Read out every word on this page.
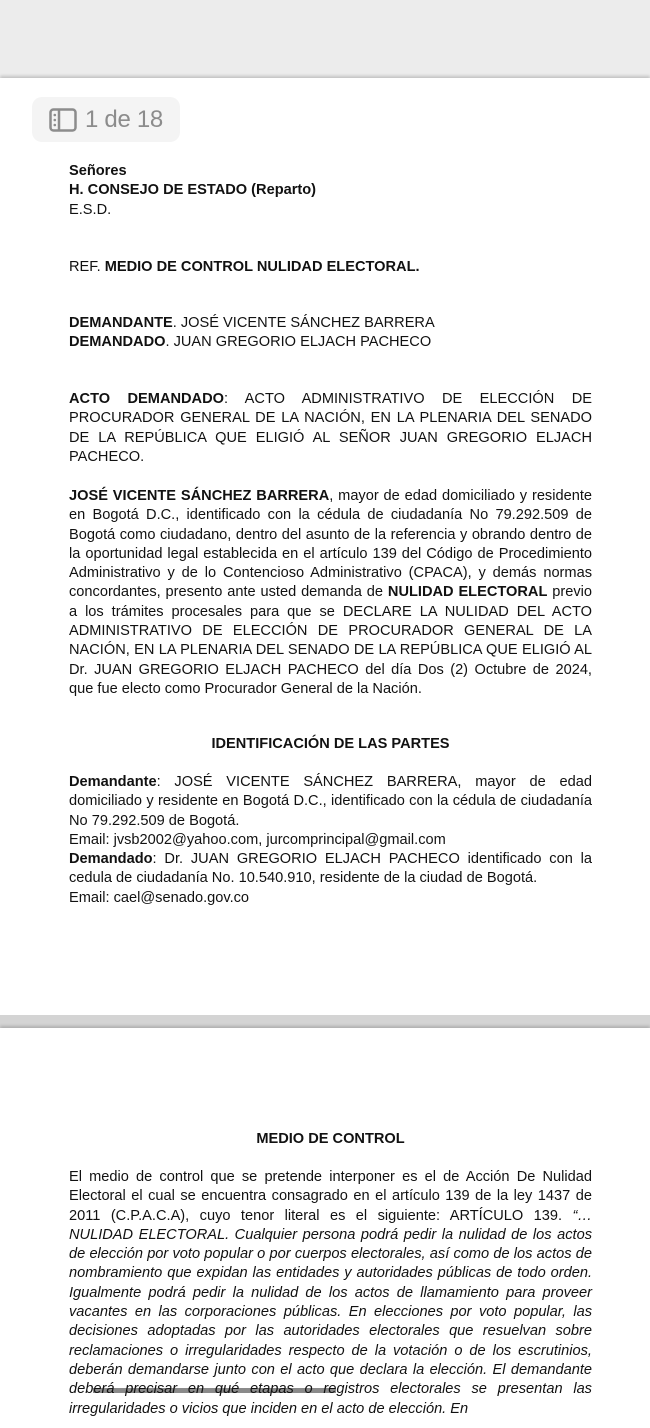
1 de 18
Señores
H. CONSEJO DE ESTADO (Reparto)
E.S.D.
REF. MEDIO DE CONTROL NULIDAD ELECTORAL.
DEMANDANTE. JOSÉ VICENTE SÁNCHEZ BARRERA
DEMANDADO. JUAN GREGORIO ELJACH PACHECO
ACTO DEMANDADO: ACTO ADMINISTRATIVO DE ELECCIÓN DE PROCURADOR GENERAL DE LA NACIÓN, EN LA PLENARIA DEL SENADO DE LA REPÚBLICA QUE ELIGIÓ AL SEÑOR JUAN GREGORIO ELJACH PACHECO.
JOSÉ VICENTE SÁNCHEZ BARRERA, mayor de edad domiciliado y residente en Bogotá D.C., identificado con la cédula de ciudadanía No 79.292.509 de Bogotá como ciudadano, dentro del asunto de la referencia y obrando dentro de la oportunidad legal establecida en el artículo 139 del Código de Procedimiento Administrativo y de lo Contencioso Administrativo (CPACA), y demás normas concordantes, presento ante usted demanda de NULIDAD ELECTORAL previo a los trámites procesales para que se DECLARE LA NULIDAD DEL ACTO ADMINISTRATIVO DE ELECCIÓN DE PROCURADOR GENERAL DE LA NACIÓN, EN LA PLENARIA DEL SENADO DE LA REPÚBLICA QUE ELIGIÓ AL Dr. JUAN GREGORIO ELJACH PACHECO del día Dos (2) Octubre de 2024, que fue electo como Procurador General de la Nación.
IDENTIFICACIÓN DE LAS PARTES
Demandante: JOSÉ VICENTE SÁNCHEZ BARRERA, mayor de edad domiciliado y residente en Bogotá D.C., identificado con la cédula de ciudadanía No 79.292.509 de Bogotá.
Email: jvsb2002@yahoo.com, jurcomprincipal@gmail.com
Demandado: Dr. JUAN GREGORIO ELJACH PACHECO identificado con la cedula de ciudadanía No. 10.540.910, residente de la ciudad de Bogotá.
Email: cael@senado.gov.co
MEDIO DE CONTROL
El medio de control que se pretende interponer es el de Acción De Nulidad Electoral el cual se encuentra consagrado en el artículo 139 de la ley 1437 de 2011 (C.P.A.C.A), cuyo tenor literal es el siguiente: ARTÍCULO 139. “…NULIDAD ELECTORAL. Cualquier persona podrá pedir la nulidad de los actos de elección por voto popular o por cuerpos electorales, así como de los actos de nombramiento que expidan las entidades y autoridades públicas de todo orden. Igualmente podrá pedir la nulidad de los actos de llamamiento para proveer vacantes en las corporaciones públicas. En elecciones por voto popular, las decisiones adoptadas por las autoridades electorales que resuelvan sobre reclamaciones o irregularidades respecto de la votación o de los escrutinios, deberán demandarse junto con el acto que declara la elección. El demandante deberá precisar en qué etapas o registros electorales se presentan las irregularidades o vicios que inciden en el acto de elección. En
